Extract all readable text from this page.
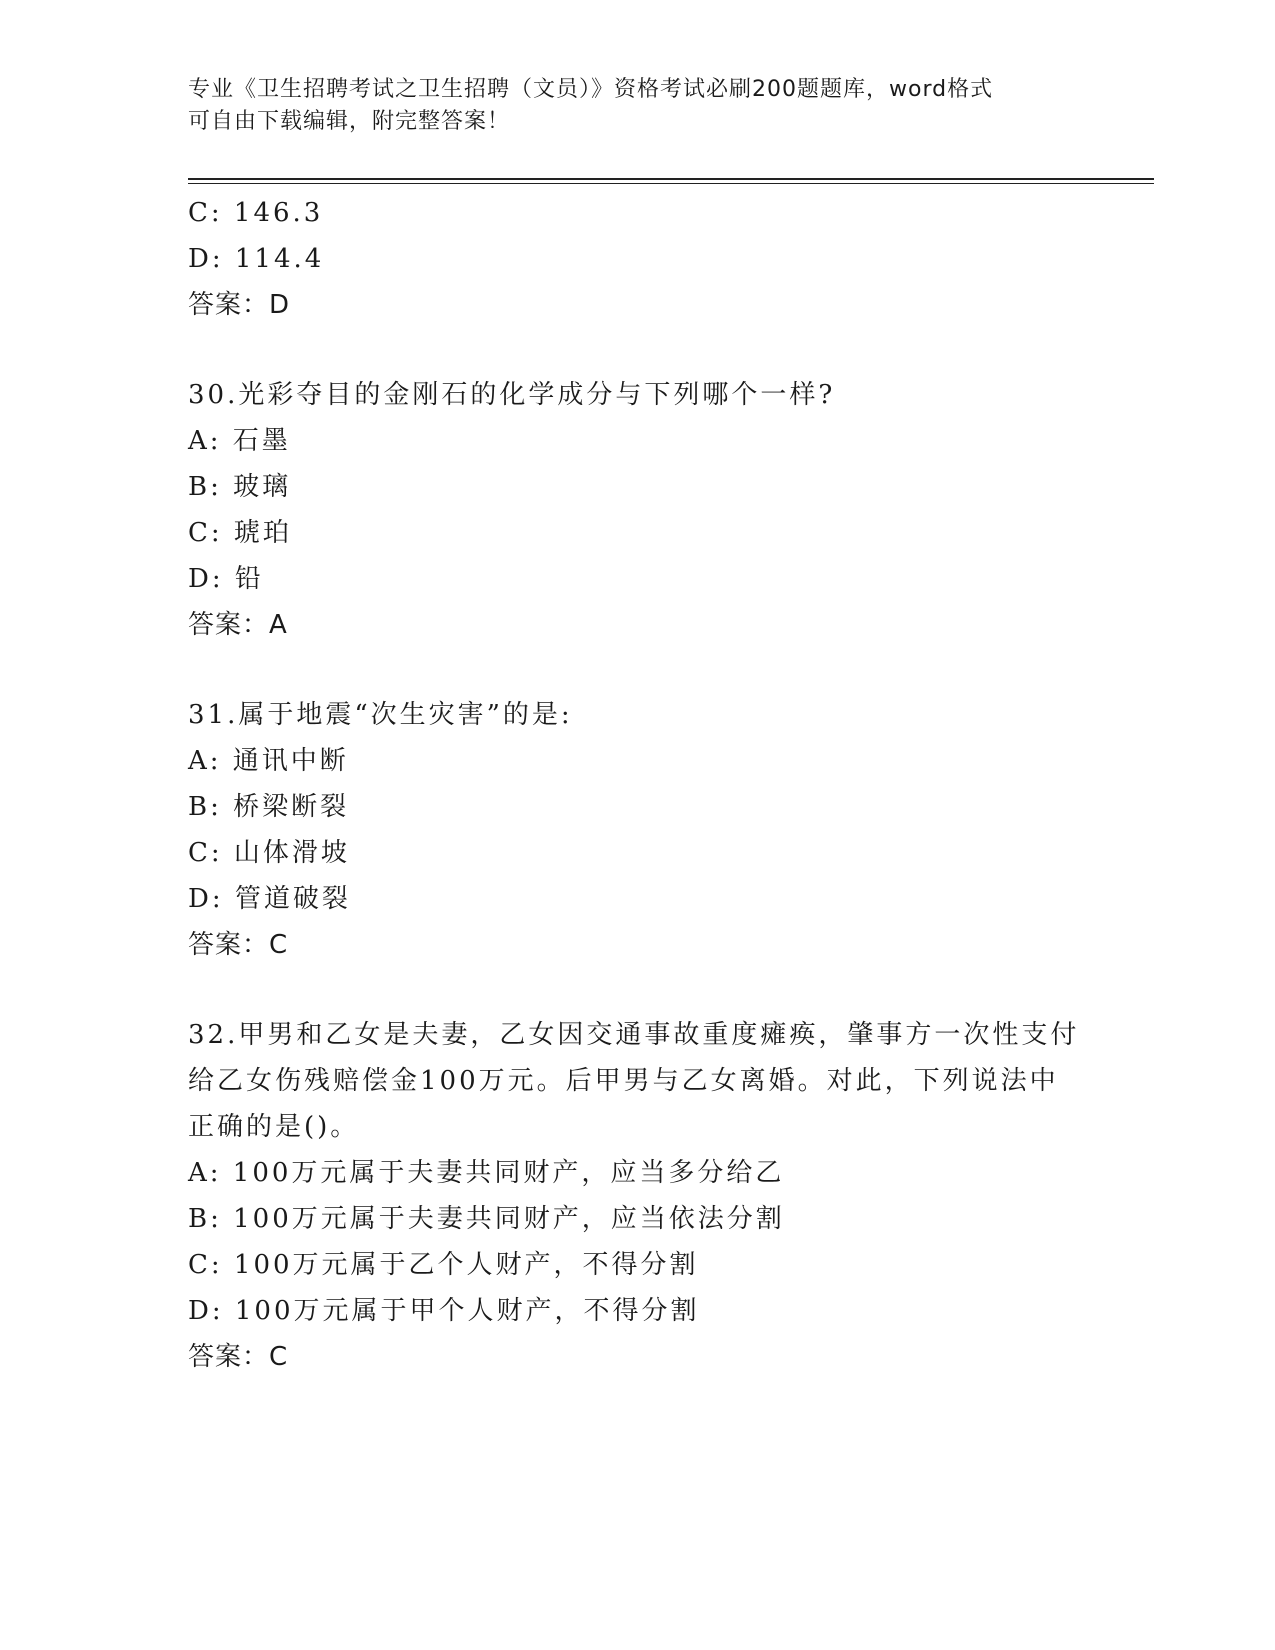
专业《卫生招聘考试之卫生招聘（文员）》资格考试必刷200题题库，word格式
可自由下载编辑，附完整答案！
C: 146.3
D: 114.4
答案：D
30.光彩夺目的金刚石的化学成分与下列哪个一样?
A: 石墨
B: 玻璃
C: 琥珀
D: 铅
答案：A
31.属于地震“次生灾害”的是:
A: 通讯中断
B: 桥梁断裂
C: 山体滑坡
D: 管道破裂
答案：C
32.甲男和乙女是夫妻，乙女因交通事故重度瘫痪，肇事方一次性支付
给乙女伤残赔偿金100万元。后甲男与乙女离婚。对此，下列说法中
正确的是()。
A: 100万元属于夫妻共同财产，应当多分给乙
B: 100万元属于夫妻共同财产，应当依法分割
C: 100万元属于乙个人财产，不得分割
D: 100万元属于甲个人财产，不得分割
答案：C
